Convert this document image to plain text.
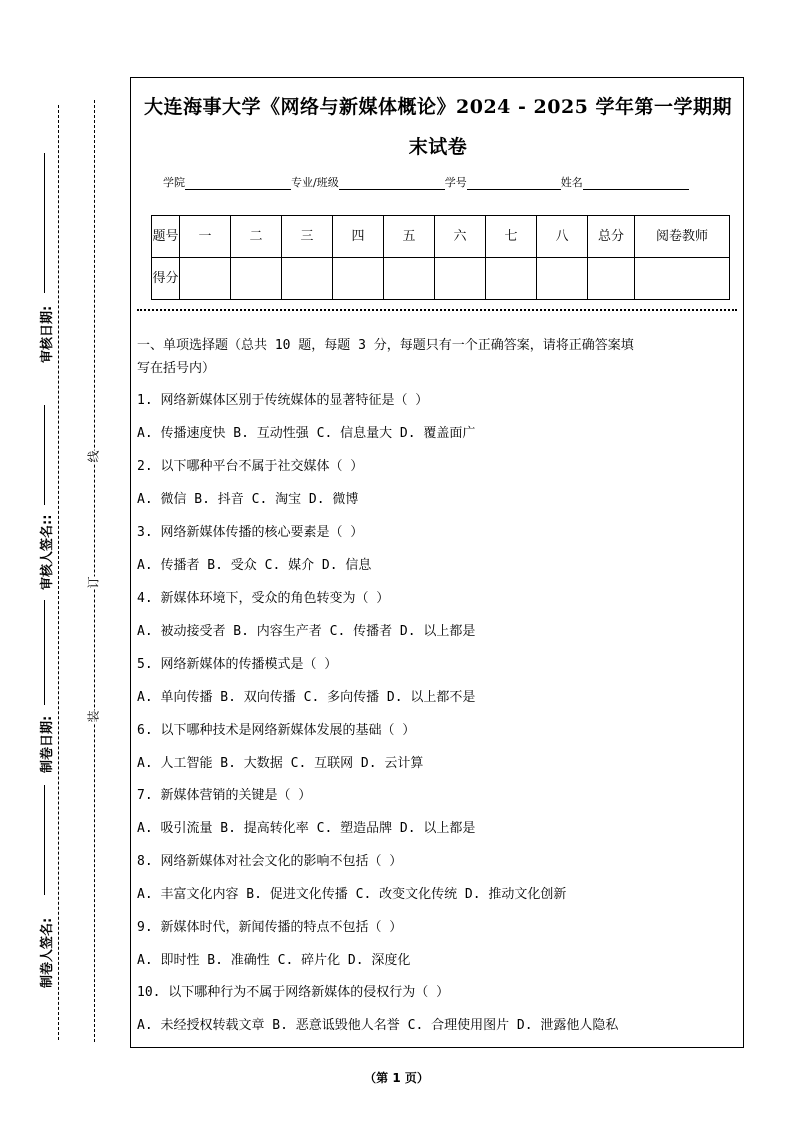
审核日期:
审核人签名::
制卷日期:
制卷人签名:
线
订
装
大连海事大学《网络与新媒体概论》2024 - 2025 学年第一学期期
末试卷
学院	专业/班级	学号	姓名
题号	一	二	三	四	五	六	七	八	总分	阅卷教师
得分										
一、单项选择题（总共 10 题，每题 3 分，每题只有一个正确答案，请将正确答案填
写在括号内）
1. 网络新媒体区别于传统媒体的显著特征是（ ）
A. 传播速度快 B. 互动性强 C. 信息量大 D. 覆盖面广
2. 以下哪种平台不属于社交媒体（ ）
A. 微信 B. 抖音 C. 淘宝 D. 微博
3. 网络新媒体传播的核心要素是（ ）
A. 传播者 B. 受众 C. 媒介 D. 信息
4. 新媒体环境下，受众的角色转变为（ ）
A. 被动接受者 B. 内容生产者 C. 传播者 D. 以上都是
5. 网络新媒体的传播模式是（ ）
A. 单向传播 B. 双向传播 C. 多向传播 D. 以上都不是
6. 以下哪种技术是网络新媒体发展的基础（ ）
A. 人工智能 B. 大数据 C. 互联网 D. 云计算
7. 新媒体营销的关键是（ ）
A. 吸引流量 B. 提高转化率 C. 塑造品牌 D. 以上都是
8. 网络新媒体对社会文化的影响不包括（ ）
A. 丰富文化内容 B. 促进文化传播 C. 改变文化传统 D. 推动文化创新
9. 新媒体时代，新闻传播的特点不包括（ ）
A. 即时性 B. 准确性 C. 碎片化 D. 深度化
10. 以下哪种行为不属于网络新媒体的侵权行为（ ）
A. 未经授权转载文章 B. 恶意诋毁他人名誉 C. 合理使用图片 D. 泄露他人隐私
（第 1 页）
